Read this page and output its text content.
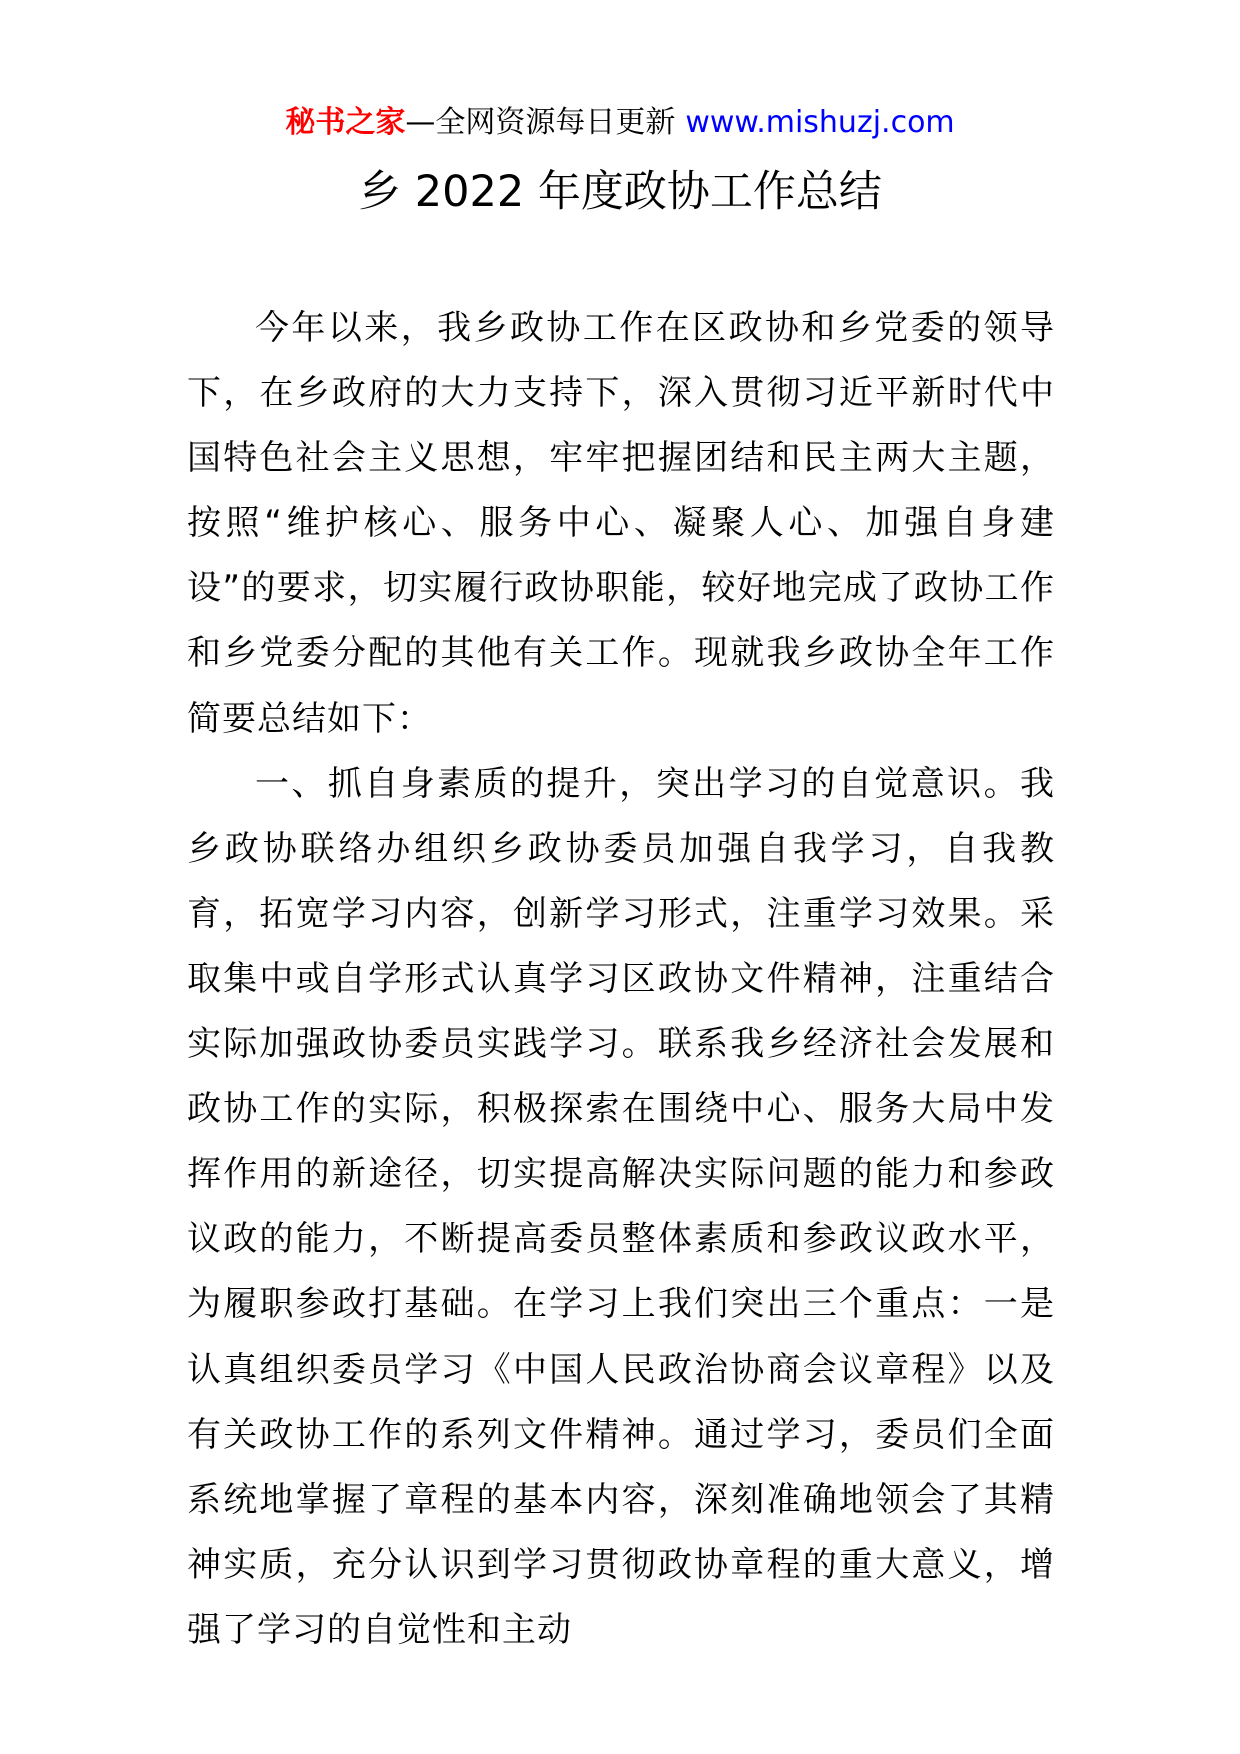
秘书之家—全网资源每日更新 www.mishuzj.com
乡 2022 年度政协工作总结

今年以来，我乡政协工作在区政协和乡党委的领导下，在乡政府的大力支持下，深入贯彻习近平新时代中国特色社会主义思想，牢牢把握团结和民主两大主题，按照“维护核心、服务中心、凝聚人心、加强自身建设”的要求，切实履行政协职能，较好地完成了政协工作和乡党委分配的其他有关工作。现就我乡政协全年工作简要总结如下：

一、抓自身素质的提升，突出学习的自觉意识。我乡政协联络办组织乡政协委员加强自我学习，自我教育，拓宽学习内容，创新学习形式，注重学习效果。采取集中或自学形式认真学习区政协文件精神，注重结合实际加强政协委员实践学习。联系我乡经济社会发展和政协工作的实际，积极探索在围绕中心、服务大局中发挥作用的新途径，切实提高解决实际问题的能力和参政议政的能力，不断提高委员整体素质和参政议政水平，为履职参政打基础。在学习上我们突出三个重点：一是认真组织委员学习《中国人民政治协商会议章程》以及有关政协工作的系列文件精神。通过学习，委员们全面系统地掌握了章程的基本内容，深刻准确地领会了其精神实质，充分认识到学习贯彻政协章程的重大意义，增强了学习的自觉性和主动
